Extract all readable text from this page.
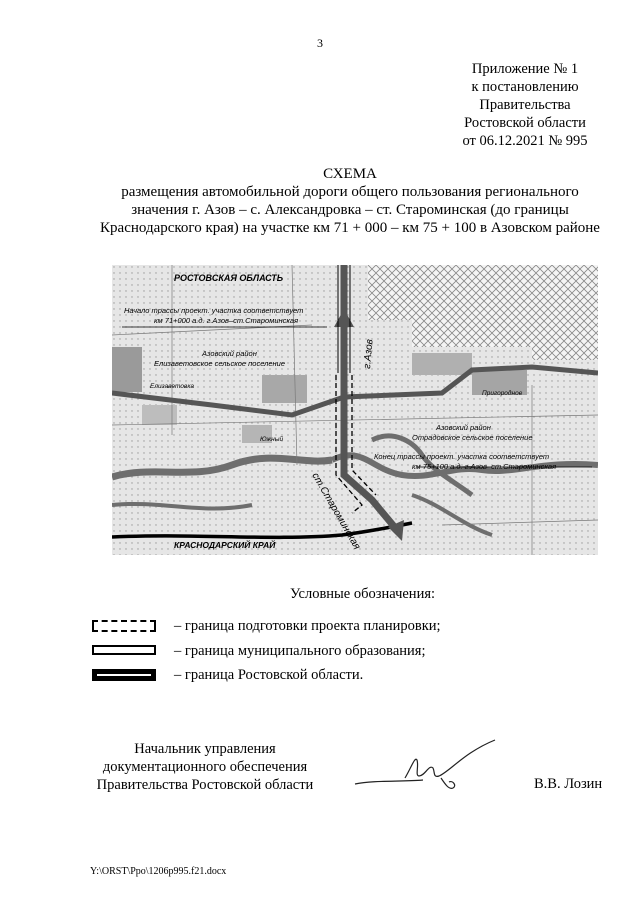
3
Приложение № 1
к постановлению
Правительства
Ростовской области
от 06.12.2021 № 995
СХЕМА
размещения автомобильной дороги общего пользования регионального
значения г. Азов – с. Александровка – ст. Староминская (до границы
Краснодарского края) на участке км 71 + 000 – км 75 + 100 в Азовском районе
РОСТОВСКАЯ ОБЛАСТЬ
Начало трассы проект. участка соответствует
км 71+000 а.д. г.Азов–ст.Староминская
Азовский район
Елизаветовское сельское поселение
Елизаветовка
Южный
Пригородное
Азовский район
Отрадовское сельское поселение
Конец трассы проект. участка соответствует
км 75+100 а.д. г.Азов–ст.Староминская
г.Азов
ст.Староминская
КРАСНОДАРСКИЙ КРАЙ
Условные обозначения:
– граница подготовки проекта планировки;
– граница муниципального образования;
– граница Ростовской области.
Начальник управления
документационного обеспечения
Правительства Ростовской области	В.В. Лозин
Y:\ORST\Ppo\1206p995.f21.docx
